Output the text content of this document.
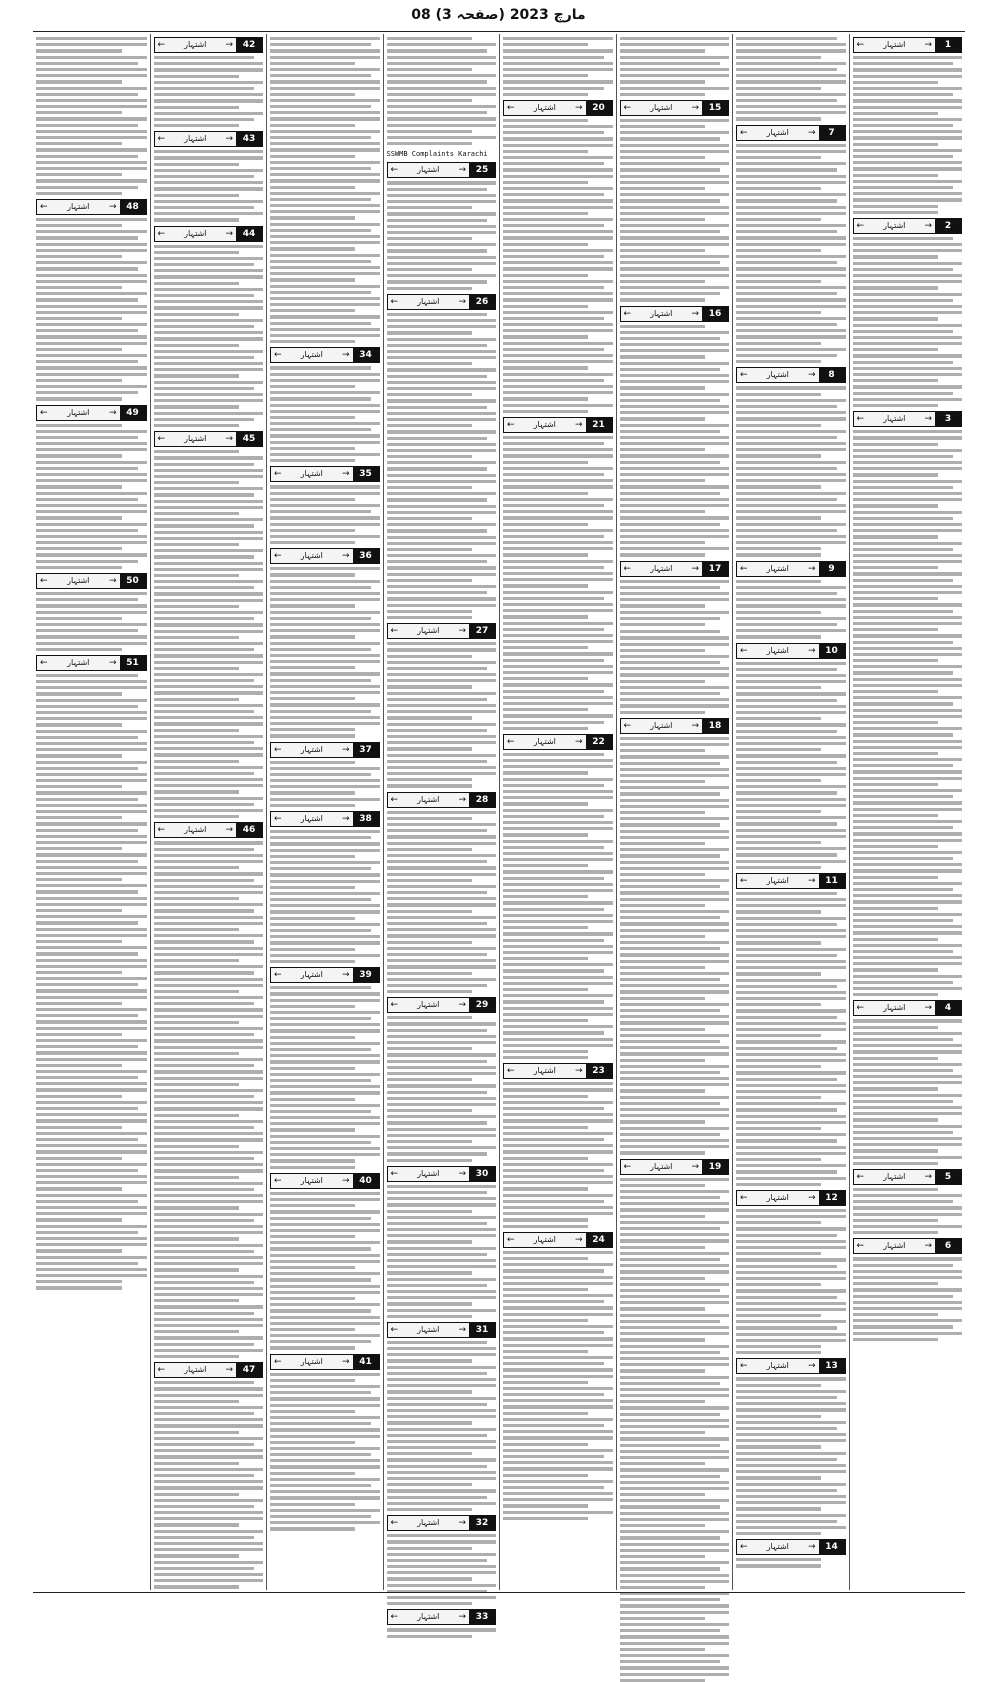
08 مارچ 2023 (صفحہ 3)
1
← اشتہار →
2
← اشتہار →
3
← اشتہار →
4
← اشتہار →
5
← اشتہار →
6
← اشتہار →
7
← اشتہار →
8
← اشتہار →
9
← اشتہار →
10
← اشتہار →
11
← اشتہار →
12
← اشتہار →
13
← اشتہار →
14
← اشتہار →
15
← اشتہار →
16
← اشتہار →
17
← اشتہار →
18
← اشتہار →
19
← اشتہار →
20
← اشتہار →
21
← اشتہار →
22
← اشتہار →
23
← اشتہار →
24
← اشتہار →
SSWMB Complaints Karachi
25
← اشتہار →
26
← اشتہار →
27
← اشتہار →
28
← اشتہار →
29
← اشتہار →
30
← اشتہار →
31
← اشتہار →
32
← اشتہار →
33
← اشتہار →
34
← اشتہار →
35
← اشتہار →
36
← اشتہار →
37
← اشتہار →
38
← اشتہار →
39
← اشتہار →
40
← اشتہار →
41
← اشتہار →
42
← اشتہار →
43
← اشتہار →
44
← اشتہار →
45
← اشتہار →
46
← اشتہار →
47
← اشتہار →
48
← اشتہار →
49
← اشتہار →
50
← اشتہار →
51
← اشتہار →
